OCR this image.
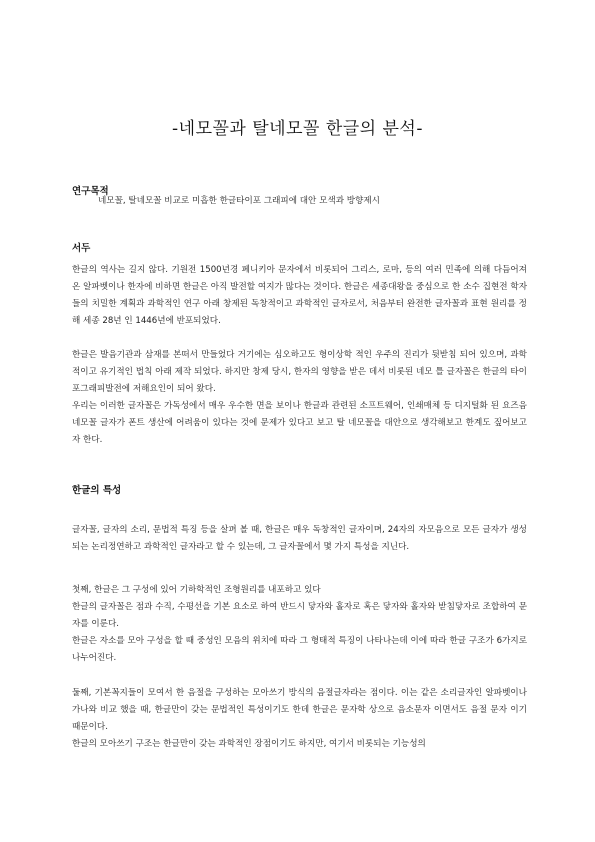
-네모꼴과 탈네모꼴 한글의 분석-
연구목적

네모꼴, 탈네모꼴 비교로 미흡한 한글타이포 그래피에 대안 모색과 방향제시

서두

한글의 역사는 길지 않다. 기원전 1500년경 페니키아 문자에서 비롯되어 그리스, 로마, 등의 여러 민족에 의해 다듬어져 온 알파벳이나 한자에 비하면 한글은 아직 발전할 여지가 많다는 것이다. 한글은 세종대왕을 중심으로 한 소수 집현전 학자들의 치밀한 계획과 과학적인 연구 아래 창제된 독창적이고 과학적인 글자로서, 처음부터 완전한 글자꼴과 표현 원리를 정해 세종 28년 인 1446년에 반포되었다.

한글은 발음기관과 삼재를 본떠서 만들었다 거기에는 심오하고도 형이상학 적인 우주의 진리가 뒷받침 되어 있으며, 과학적이고 유기적인 법칙 아래 제작 되었다. 하지만 창제 당시, 한자의 영향을 받은 데서 비롯된 네모 틀 글자꼴은 한글의 타이포그래피발전에 저해요인이 되어 왔다.

우리는 이러한 글자꼴은 가독성에서 매우 우수한 면을 보이나 한글과 관련된 소프트웨어, 인쇄매체 등 디지털화 된 요즈음 네모꼴 글자가 폰트 생산에 어려움이 있다는 것에 문제가 있다고 보고 탈 네모꼴을 대안으로 생각해보고 한계도 짚어보고자 한다.

한글의 특성

글자꼴, 글자의 소리, 문법적 특징 등을 살펴 볼 때, 한글은 매우 독창적인 글자이며, 24자의 자모음으로 모든 글자가 생성되는 논리정연하고 과학적인 글자라고 할 수 있는데, 그 글자꼴에서 몇 가지 특성을 지닌다.

첫째, 한글은 그 구성에 있어 기하학적인 조형원리를 내포하고 있다

한글의 글자꼴은 점과 수직, 수평선을 기본 요소로 하여 반드시 닿자와 홀자로 혹은 닿자와 홀자와 받침닿자로 조합하여 문자를 이룬다.

한글은 자소를 모아 구성을 할 때 중성인 모음의 위치에 따라 그 형태적 특징이 나타나는데 이에 따라 한글 구조가 6가지로 나누어진다.

둘째, 기본꼭지들이 모여서 한 음절을 구성하는 모아쓰기 방식의 음절글자라는 점이다. 이는 같은 소리글자인 알파벳이나 가나와 비교 했을 때, 한글만이 갖는 문법적인 특성이기도 한데 한글은 문자학 상으로 음소문자 이면서도 음절 문자 이기 때문이다.

한글의 모아쓰기 구조는 한글만이 갖는 과학적인 장점이기도 하지만, 여기서 비롯되는 기능성의
